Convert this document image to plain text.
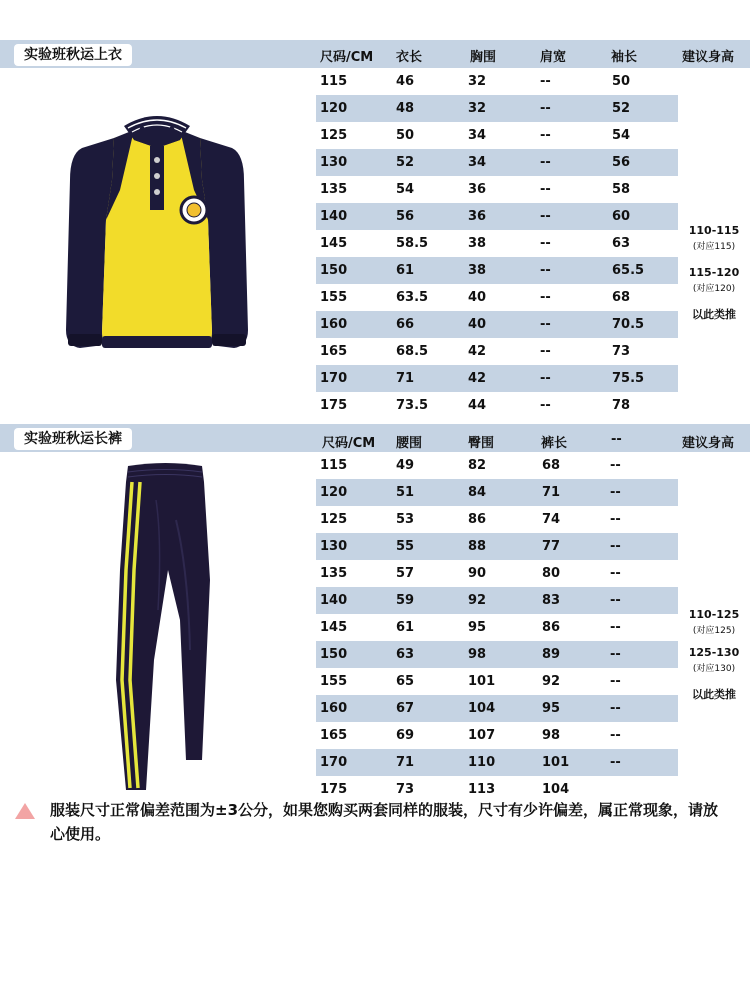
实验班秋运上衣	尺码/CM 衣长	胸围	肩宽	袖长	建议身高
115	46	32	--	50
120	48	32	--	52
125	50	34	--	54
130	52	34	--	56
135	54	36	--	58
140	56	36	--	60
145	58.5	38	--	63
150	61	38	--	65.5
155	63.5	40	--	68
160	66	40	--	70.5
165	68.5	42	--	73
170	71	42	--	75.5
175	73.5	44	--	78
110-115
(对应115)
115-120
(对应120)
以此类推
实验班秋运长裤	尺码/CM 腰围	臀围	裤长	--	建议身高
115	49	82	68	--
120	51	84	71	--
125	53	86	74	--
130	55	88	77	--
135	57	90	80	--
140	59	92	83	--
145	61	95	86	--
150	63	98	89	--
155	65	101	92	--
160	67	104	95	--
165	69	107	98	--
170	71	110	101	--
175	73	113	104
110-125
(对应125)
125-130
(对应130)
以此类推
服装尺寸正常偏差范围为±3公分，如果您购买两套同样的服装，尺寸有少许偏差，属正常现象，请放心使用。
